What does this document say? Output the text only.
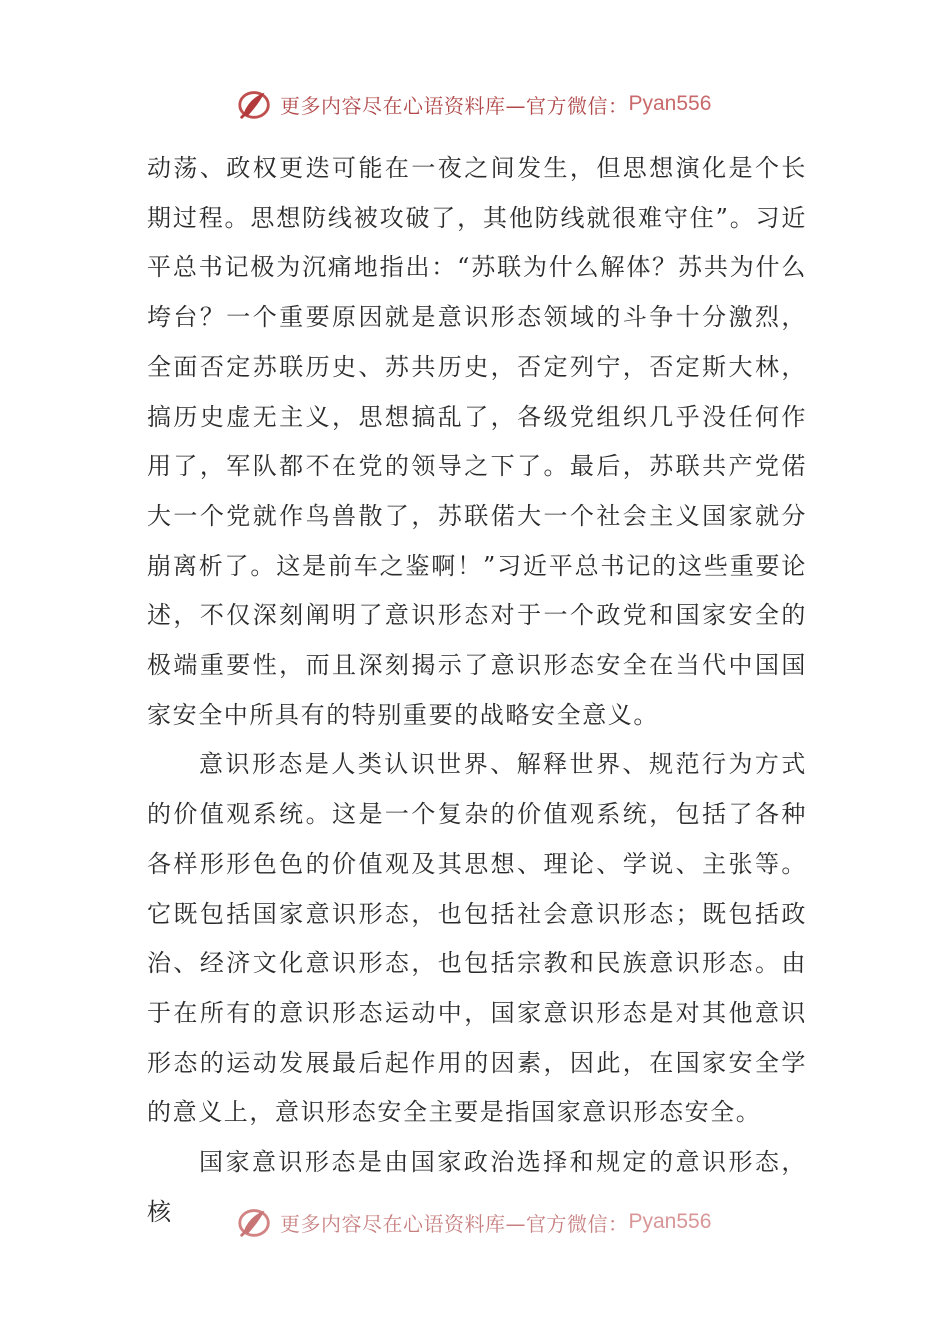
更多内容尽在心语资料库—官方微信： Pyan556

动荡、政权更迭可能在一夜之间发生，但思想演化是个长期过程。思想防线被攻破了，其他防线就很难守住”。习近平总书记极为沉痛地指出：“苏联为什么解体？苏共为什么垮台？一个重要原因就是意识形态领域的斗争十分激烈，全面否定苏联历史、苏共历史，否定列宁，否定斯大林，搞历史虚无主义，思想搞乱了，各级党组织几乎没任何作用了，军队都不在党的领导之下了。最后，苏联共产党偌大一个党就作鸟兽散了，苏联偌大一个社会主义国家就分崩离析了。这是前车之鉴啊！”习近平总书记的这些重要论述，不仅深刻阐明了意识形态对于一个政党和国家安全的极端重要性，而且深刻揭示了意识形态安全在当代中国国家安全中所具有的特别重要的战略安全意义。

意识形态是人类认识世界、解释世界、规范行为方式的价值观系统。这是一个复杂的价值观系统，包括了各种各样形形色色的价值观及其思想、理论、学说、主张等。它既包括国家意识形态，也包括社会意识形态；既包括政治、经济文化意识形态，也包括宗教和民族意识形态。由于在所有的意识形态运动中，国家意识形态是对其他意识形态的运动发展最后起作用的因素，因此，在国家安全学的意义上，意识形态安全主要是指国家意识形态安全。

国家意识形态是由国家政治选择和规定的意识形态，核	更多内容尽在心语资料库—官方微信： Pyan556
